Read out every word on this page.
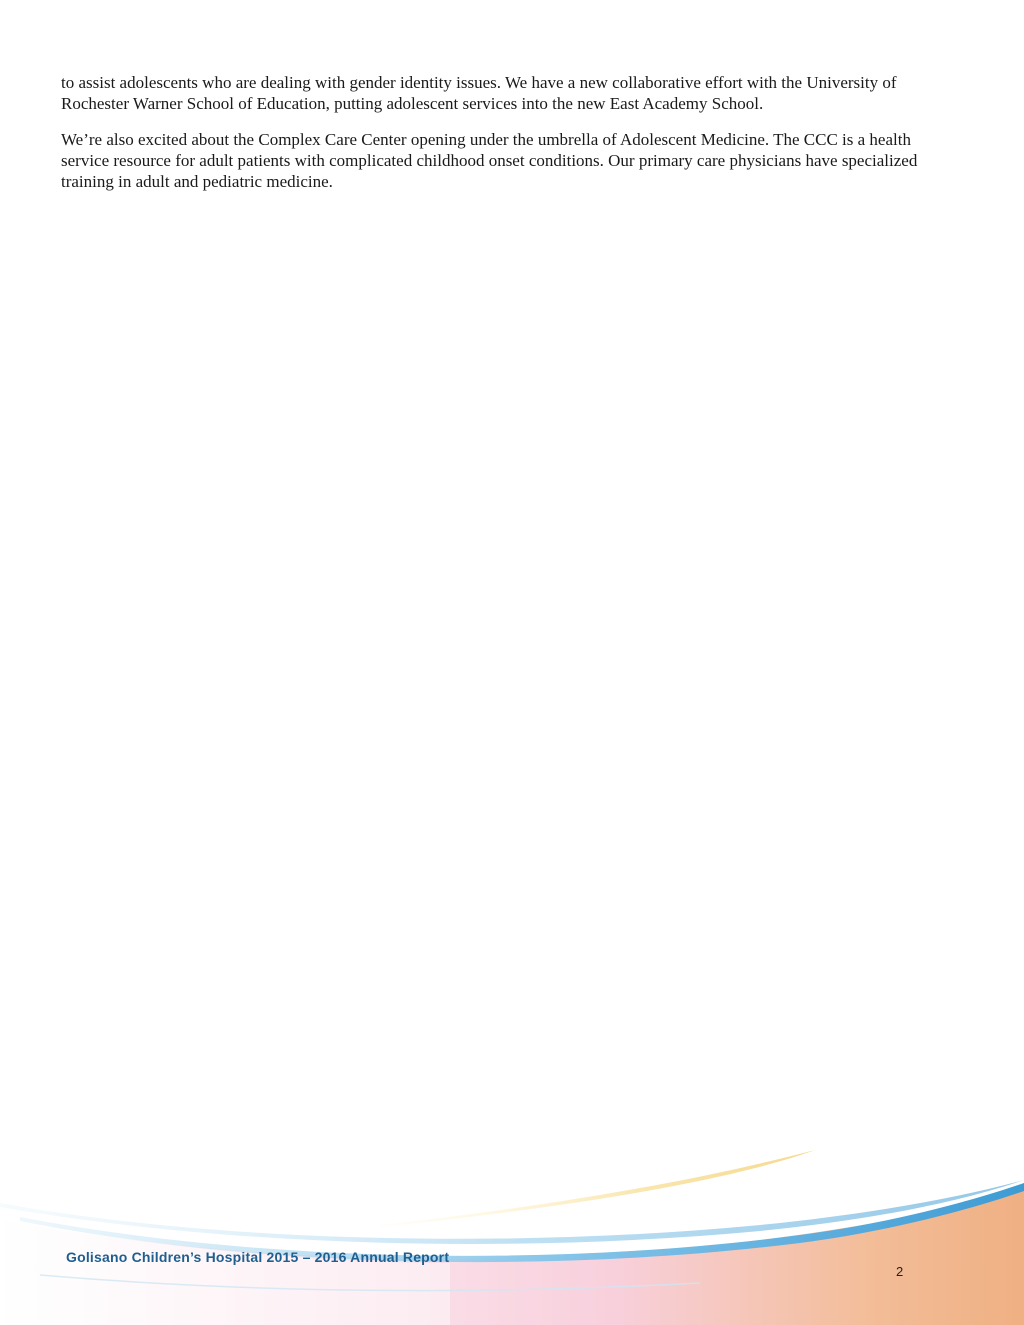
to assist adolescents who are dealing with gender identity issues. We have a new collaborative effort with the University of Rochester Warner School of Education, putting adolescent services into the new East Academy School.

We’re also excited about the Complex Care Center opening under the umbrella of Adolescent Medicine. The CCC is a health service resource for adult patients with complicated childhood onset conditions. Our primary care physicians have specialized training in adult and pediatric medicine.

Golisano Children’s Hospital 2015 – 2016 Annual Report
2
